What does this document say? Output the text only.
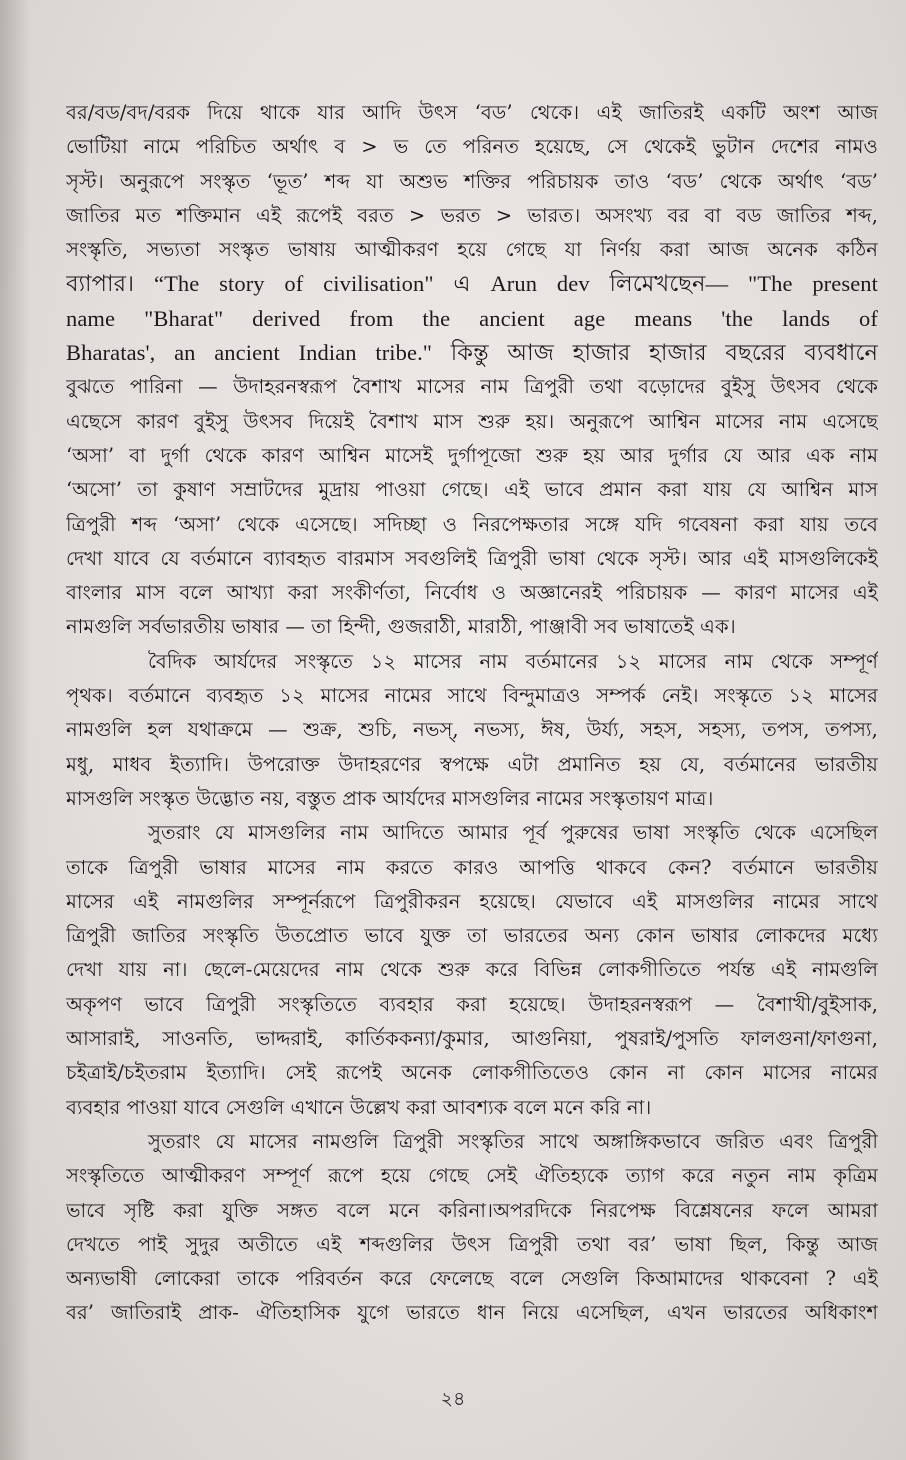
বর/বড/বদ/বরক দিয়ে থাকে যার আদি উৎস ‘বড’ থেকে। এই জাতিরই একটি অংশ আজ
ভোটিয়া নামে পরিচিত অর্থাৎ ব > ভ তে পরিনত হয়েছে, সে থেকেই ভুটান দেশের নামও
সৃস্ট। অনুরূপে সংস্কৃত ‘ভূত’ শব্দ যা অশুভ শক্তির পরিচায়ক তাও ‘বড’ থেকে অর্থাৎ ‘বড’
জাতির মত শক্তিমান এই রূপেই বরত > ভরত > ভারত। অসংখ্য বর বা বড জাতির শব্দ,
সংস্কৃতি, সভ্যতা সংস্কৃত ভাষায় আত্মীকরণ হয়ে গেছে যা নির্ণয় করা আজ অনেক কঠিন
ব্যাপার। “The story of civilisation" এ Arun dev লিমেখছেন— "The present
name "Bharat" derived from the ancient age means 'the lands of
Bharatas', an ancient Indian tribe." কিন্তু আজ হাজার হাজার বছরের ব্যবধানে
বুঝতে পারিনা — উদাহরনস্বরূপ বৈশাখ মাসের নাম ত্রিপুরী তথা বড়োদের বুইসু উৎসব থেকে
এছেসে কারণ বুইসু উৎসব দিয়েই বৈশাখ মাস শুরু হয়। অনুরূপে আশ্বিন মাসের নাম এসেছে
‘অসা’ বা দুর্গা থেকে কারণ আশ্বিন মাসেই দুর্গাপূজো শুরু হয় আর দুর্গার যে আর এক নাম
‘অসো’ তা কুষাণ সম্রাটদের মুদ্রায় পাওয়া গেছে। এই ভাবে প্রমান করা যায় যে আশ্বিন মাস
ত্রিপুরী শব্দ ‘অসা’ থেকে এসেছে। সদিচ্ছা ও নিরপেক্ষতার সঙ্গে যদি গবেষনা করা যায় তবে
দেখা যাবে যে বর্তমানে ব্যাবহৃত বারমাস সবগুলিই ত্রিপুরী ভাষা থেকে সৃস্ট। আর এই মাসগুলিকেই
বাংলার মাস বলে আখ্যা করা সংকীর্ণতা, নির্বোধ ও অজ্ঞানেরই পরিচায়ক — কারণ মাসের এই
নামগুলি সর্বভারতীয় ভাষার — তা হিন্দী, গুজরাঠী, মারাঠী, পাঞ্জাবী সব ভাষাতেই এক।
বৈদিক আর্যদের সংস্কৃতে ১২ মাসের নাম বর্তমানের ১২ মাসের নাম থেকে সম্পূর্ণ
পৃথক। বর্তমানে ব্যবহৃত ১২ মাসের নামের সাথে বিন্দুমাত্রও সম্পর্ক নেই। সংস্কৃতে ১২ মাসের
নামগুলি হল যথাক্রমে — শুক্র, শুচি, নভস্, নভস্য, ঈষ, উর্য্য, সহস, সহস্য, তপস, তপস্য,
মধু, মাধব ইত্যাদি। উপরোক্ত উদাহরণের স্বপক্ষে এটা প্রমানিত হয় যে, বর্তমানের ভারতীয়
মাসগুলি সংস্কৃত উদ্ভোত নয়, বস্তুত প্রাক আর্যদের মাসগুলির নামের সংস্কৃতায়ণ মাত্র।
সুতরাং যে মাসগুলির নাম আদিতে আমার পূর্ব পুরুষের ভাষা সংস্কৃতি থেকে এসেছিল
তাকে ত্রিপুরী ভাষার মাসের নাম করতে কারও আপত্তি থাকবে কেন? বর্তমানে ভারতীয়
মাসের এই নামগুলির সম্পূর্নরূপে ত্রিপুরীকরন হয়েছে। যেভাবে এই মাসগুলির নামের সাথে
ত্রিপুরী জাতির সংস্কৃতি উতপ্রোত ভাবে যুক্ত তা ভারতের অন্য কোন ভাষার লোকদের মধ্যে
দেখা যায় না। ছেলে-মেয়েদের নাম থেকে শুরু করে বিভিন্ন লোকগীতিতে পর্যন্ত এই নামগুলি
অকৃপণ ভাবে ত্রিপুরী সংস্কৃতিতে ব্যবহার করা হয়েছে। উদাহরনস্বরূপ — বৈশাখী/বুইসাক,
আসারাই, সাওনতি, ভাদ্দরাই, কার্তিককন্যা/কুমার, আগুনিয়া, পুষরাই/পুসতি ফালগুনা/ফাগুনা,
চইত্রাই/চইতরাম ইত্যাদি। সেই রূপেই অনেক লোকগীতিতেও কোন না কোন মাসের নামের
ব্যবহার পাওয়া যাবে সেগুলি এখানে উল্লেখ করা আবশ্যক বলে মনে করি না।
সুতরাং যে মাসের নামগুলি ত্রিপুরী সংস্কৃতির সাথে অঙ্গাঙ্গিকভাবে জরিত এবং ত্রিপুরী
সংস্কৃতিতে আত্মীকরণ সম্পূর্ণ রূপে হয়ে গেছে সেই ঐতিহ্যকে ত্যাগ করে নতুন নাম কৃত্রিম
ভাবে সৃষ্টি করা যুক্তি সঙ্গত বলে মনে করিনা।অপরদিকে নিরপেক্ষ বিশ্লেষনের ফলে আমরা
দেখতে পাই সুদুর অতীতে এই শব্দগুলির উৎস ত্রিপুরী তথা বর’ ভাষা ছিল, কিন্তু আজ
অন্যভাষী লোকেরা তাকে পরিবর্তন করে ফেলেছে বলে সেগুলি কিআমাদের থাকবেনা ? এই
বর’ জাতিরাই প্রাক- ঐতিহাসিক যুগে ভারতে ধান নিয়ে এসেছিল, এখন ভারতের অধিকাংশ
২৪
